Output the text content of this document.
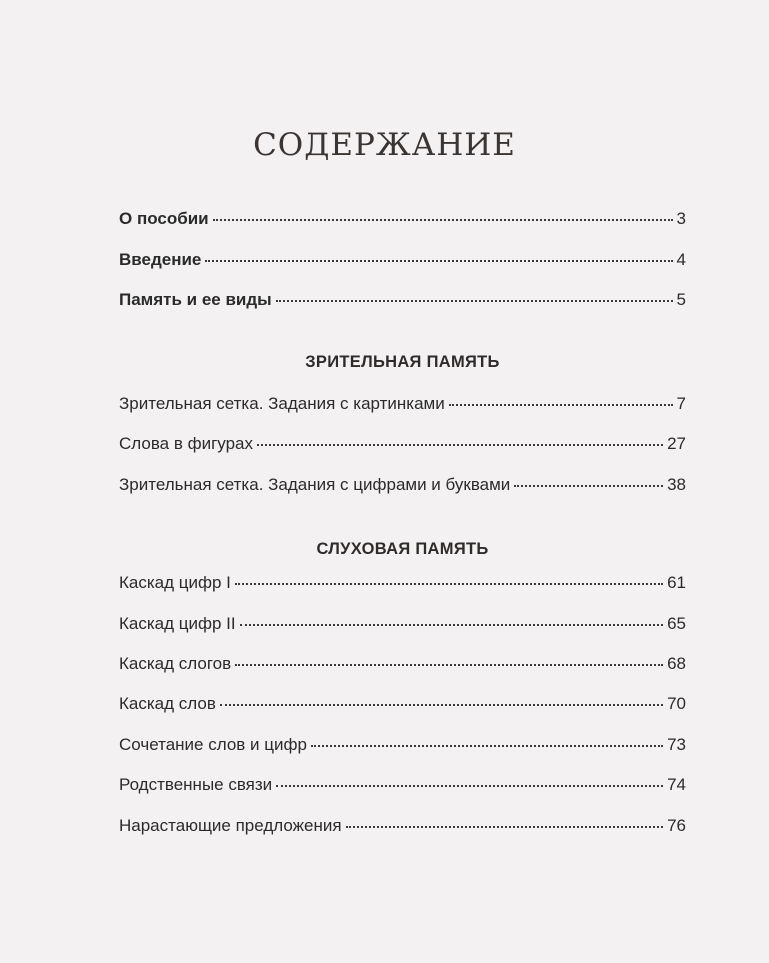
СОДЕРЖАНИЕ
О пособии	3
Введение	4
Память и ее виды	5
ЗРИТЕЛЬНАЯ ПАМЯТЬ
Зрительная сетка. Задания с картинками	7
Слова в фигурах	27
Зрительная сетка. Задания с цифрами и буквами	38
СЛУХОВАЯ ПАМЯТЬ
Каскад цифр I	61
Каскад цифр II	65
Каскад слогов	68
Каскад слов	70
Сочетание слов и цифр	73
Родственные связи	74
Нарастающие предложения	76
